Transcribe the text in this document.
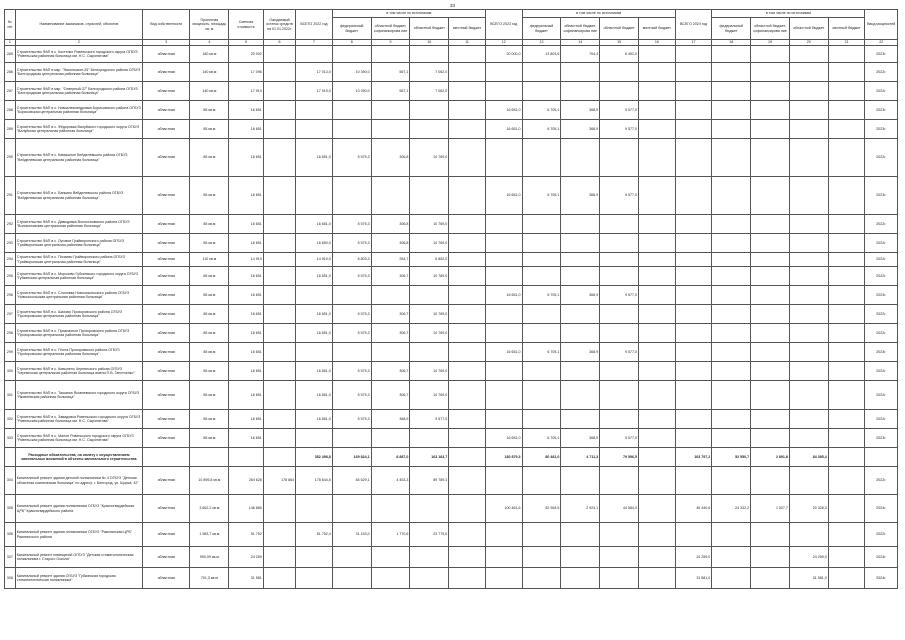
33
№ п/п	Наименование заказчиков, отраслей, объектов	Вид собственности	Проектная мощность, площадь кв. м	Сметная стоимость	Ожидаемый остаток средств на 01.01.2022г.	ВСЕГО 2022 год	в том числе по источникам				ВСЕГО 2023 год	в том числе по источникам				ВСЕГО 2024 год	в том числе по источникам				Ввод мощностей
							федеральный бюджет	областной бюджет, софинансирова ние	областной бюджет	местный бюджет		федеральный бюджет	областной бюджет, софинансирова ние	областной бюджет	местный бюджет		федеральный бюджет	областной бюджет, софинансирова ние	областной бюджет	местный бюджет	
1	2	3	4	5	6	7	8	9	10	11	12	13	14	15	16	17	18	19	20	21	22
285	Строительство ФАП в с. Костенко Ровеньского городского округа ОГБУЗ "Ровеньская районная больница им. Н.С. Сыропятова"	областная	180 кв.м	20 002							20 000,0	13 803,6	704,4	6 492,0							2023г.
286	Строительство ФАП в мкр. "Никольское-25" Белгородского района ОГБУЗ "Белгородская центральная районная больница"	областная	140 кв.м	17 096		17 013,0	10 390,0	567,1	7 062,0												2022г.
287	Строительство ФАП в мкр. "Северный-37" Белгородского района ОГБУЗ "Белгородская центральная районная больница"	областная	140 кв.м	17 910		17 919,0	10 390,0	567,1	7 062,0												2022г.
288	Строительство ФАП в с. Новоалександровка Борисовского района ОГБУЗ "Борисовская центральная районная больница"	областная	85 кв.м	16 651							16 651,0	6 705,1	368,9	9 577,0							2023г.
289	Строительство ФАП в с. Фёдоровка Валуйского городского округа ОГБУЗ "Валуйская центральная районная больница"	областная	85 кв.м	16 651							16 651,0	6 705,1	368,9	9 577,0							2023г.
290	Строительство ФАП в с. Камышное Вейделевского района ОГБУЗ "Вейделевская центральная районная больница"	областная	85 кв.м	16 651		16 651,0	5 575,3	306,8	10 769,0												2022г.
291	Строительство ФАП в с. Банкино Вейделевского района ОГБУЗ "Вейделевская центральная районная больница"	областная	85 кв.м	16 651							16 651,0	6 705,1	368,9	9 577,0							2023г.
292	Строительство ФАП в с. Давыдовка Волоконовского района ОГБУЗ "Волоконовская центральная районная больница"	областная	85 кв.м	16 651		16 651,0	5 575,3	306,8	10 769,0												2022г.
293	Строительство ФАП в с. Луговое Грайворонского района ОГБУЗ "Грайворонская центральная районная больница"	областная	85 кв.м	16 651		16 650,0	5 575,3	306,8	10 769,0												2022г.
294	Строительство ФАП в с. Почаево Грайворонского района ОГБУЗ "Грайворонская центральная районная больница"	областная	110 кв.м	14 910		14 910,0	6 803,3	264,7	6 852,0												2022г.
295	Строительство ФАП в с. Морозово Губкинского городского округа ОГБУЗ "Губкинская центральная районная больница"	областная	85 кв.м	16 651		16 651,0	5 575,3	306,7	10 769,0												2022г.
296	Строительство ФАП в с. Слоновка Новооскольского района ОГБУЗ "Новооскольская центральная районная больница"	областная	85 кв.м	16 651							16 651,0	6 705,1	368,9	9 577,0							2023г.
297	Строительство ФАП в с. Шахово Прохоровского района ОГБУЗ "Прохоровская центральная районная больница"	областная	85 кв.м	16 651		16 651,0	5 575,3	306,7	10 769,0												2022г.
298	Строительство ФАП в с. Призначное Прохоровского района ОГБУЗ "Прохоровская центральная районная больница"	областная	85 кв.м	16 651		16 651,0	5 575,3	306,7	10 769,0												2022г.
299	Строительство ФАП в с. Плота Прохоровского района ОГБУЗ "Прохоровская центральная районная больница"	областная	85 кв.м	16 651							16 651,0	6 705,1	368,9	9 577,0							2023г.
300	Строительство ФАП в с. Ковылено Чернянского района ОГБУЗ "Чернянская центральная районная больница имени П.В. Гапотченко"	областная	85 кв.м	16 651		16 651,0	5 575,3	306,7	10 769,0												2022г.
301	Строительство ФАП в с. Тишанка Яковлевского городского округа ОГБУЗ "Яковлевская районная больница"	областная	85 кв.м	16 651		16 651,0	5 575,3	306,7	10 769,0												2022г.
302	Строительство ФАП в с. Завидовка Ровеньского городского округа ОГБУЗ "Ровеньская районная больница им. Н.С. Сыропятова"	областная	85 кв.м	16 651		16 651,0	5 575,3	368,9	9 577,0												2022г.
303	Строительство ФАП в с. Малое Ровеньского городского округа ОГБУЗ "Ровеньская районная больница им. Н.С. Сыропятова"	областная	85 кв.м	16 651							16 651,0	6 705,1	368,9	9 577,0							2023г.
	Расходные обязательства, на оплату с осуществлением капитальных вложений в объекты капитального строительства					352 498,8	169 824,1	8 887,0	163 183,7		180 879,3	80 481,0	4 711,3	79 596,5		103 797,2	52 550,7	2 891,8	84 385,4		
304	Капитальный ремонт здания детской поликлиники № 4 ОГБУЗ "Детская областная клиническая больница" по адресу: г. Белгород, ул. Щорса, 42"	областная	10 895,8 кв.м	264 628	176 864	178 644,5	84 629,1	4 453,3	89 789,3												2022г.
305	Капитальный ремонт здания поликлиники ОГБУЗ "Красногвардейская ЦРБ" Красногвардейского района	областная	3 662,2 кв.м	146 885							100 461,6	52 954,5	2 923,1	44 584,0		45 440,6	24 332,2	1 527,7	20 326,3		2024г.
306	Капитальный ремонт здания поликлиники ОГБУЗ "Ракитянская ЦРБ" Ракитянского района	областная	1 983,7 кв.м	51 752		51 752,4	31 153,0	1 770,6	23 779,0												2022г.
307	Капитальный ремонт помещений ОГБУЗ "Детская стоматологическая поликлиника г. Старого Оскола"	областная	590,09 кв.м	24 259												24 259,0			24 259,0		2024г.
308	Капитальный ремонт здания ОГБУЗ "Губкинская городская стоматологическая поликлиника"	областная	701,3 кв.м	31 581												31 581,0			31 581,0		2024г.
